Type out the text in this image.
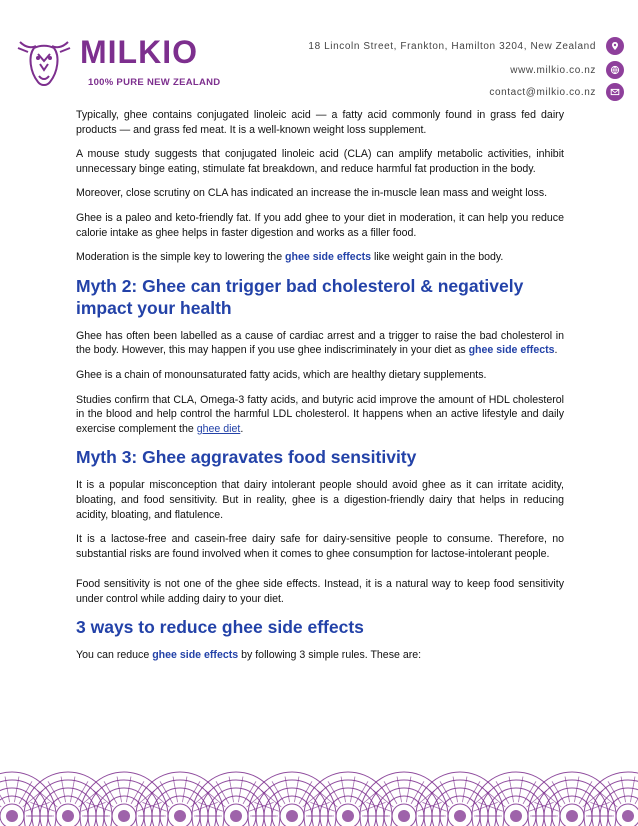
MILKIO
100% PURE NEW ZEALAND
18 Lincoln Street, Frankton, Hamilton 3204, New Zealand
www.milkio.co.nz
contact@milkio.co.nz

Typically, ghee contains conjugated linoleic acid — a fatty acid commonly found in grass fed dairy products — and grass fed meat. It is a well-known weight loss supplement.

A mouse study suggests that conjugated linoleic acid (CLA) can amplify metabolic activities, inhibit unnecessary binge eating, stimulate fat breakdown, and reduce harmful fat production in the body.

Moreover, close scrutiny on CLA has indicated an increase the in-muscle lean mass and weight loss.

Ghee is a paleo and keto-friendly fat. If you add ghee to your diet in moderation, it can help you reduce calorie intake as ghee helps in faster digestion and works as a filler food.

Moderation is the simple key to lowering the ghee side effects like weight gain in the body.

Myth 2: Ghee can trigger bad cholesterol & negatively impact your health

Ghee has often been labelled as a cause of cardiac arrest and a trigger to raise the bad cholesterol in the body. However, this may happen if you use ghee indiscriminately in your diet as ghee side effects.

Ghee is a chain of monounsaturated fatty acids, which are healthy dietary supplements.

Studies confirm that CLA, Omega-3 fatty acids, and butyric acid improve the amount of HDL cholesterol in the blood and help control the harmful LDL cholesterol. It happens when an active lifestyle and daily exercise complement the ghee diet.

Myth 3: Ghee aggravates food sensitivity

It is a popular misconception that dairy intolerant people should avoid ghee as it can irritate acidity, bloating, and food sensitivity. But in reality, ghee is a digestion-friendly dairy that helps in reducing acidity, bloating, and flatulence.

It is a lactose-free and casein-free dairy safe for dairy-sensitive people to consume. Therefore, no substantial risks are found involved when it comes to ghee consumption for lactose-intolerant people.

Food sensitivity is not one of the ghee side effects. Instead, it is a natural way to keep food sensitivity under control while adding dairy to your diet.

3 ways to reduce ghee side effects

You can reduce ghee side effects by following 3 simple rules. These are:
